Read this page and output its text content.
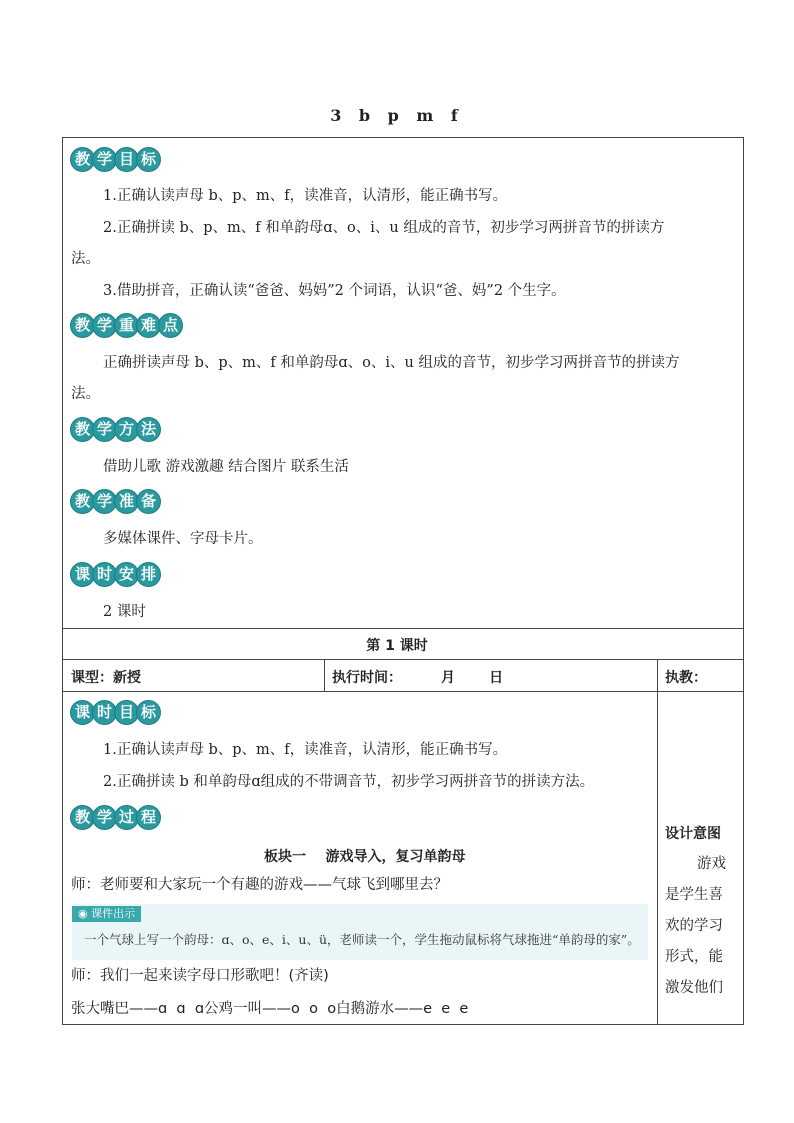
3 b p m f
教 学 目 标
1.正确认读声母 b、p、m、f，读准音，认清形，能正确书写。
2.正确拼读 b、p、m、f 和单韵母ɑ、o、i、u 组成的音节，初步学习两拼音节的拼读方
法。
3.借助拼音，正确认读“爸爸、妈妈”2 个词语，认识“爸、妈”2 个生字。
教 学 重 难 点
正确拼读声母 b、p、m、f 和单韵母ɑ、o、i、u 组成的音节，初步学习两拼音节的拼读方
法。
教 学 方 法
借助儿歌 游戏激趣 结合图片 联系生活
教 学 准 备
多媒体课件、字母卡片。
课 时 安 排
2 课时
第 1 课时
课型：新授	执行时间：        月       日	执教：
课 时 目 标
1.正确认读声母 b、p、m、f，读准音，认清形，能正确书写。
2.正确拼读 b 和单韵母ɑ组成的不带调音节，初步学习两拼音节的拼读方法。
教 学 过 程
板块一    游戏导入，复习单韵母
师：老师要和大家玩一个有趣的游戏——气球飞到哪里去？
◉ 课件出示
一个气球上写一个韵母：ɑ、o、e、i、u、ü，老师读一个，学生拖动鼠标将气球拖进“单韵母的家”。
师：我们一起来读字母口形歌吧！(齐读)
张大嘴巴——ɑ  ɑ  ɑ公鸡一叫——o  o  o白鹅游水——e  e  e
设计意图
游戏
是学生喜
欢的学习
形式，能
激发他们
